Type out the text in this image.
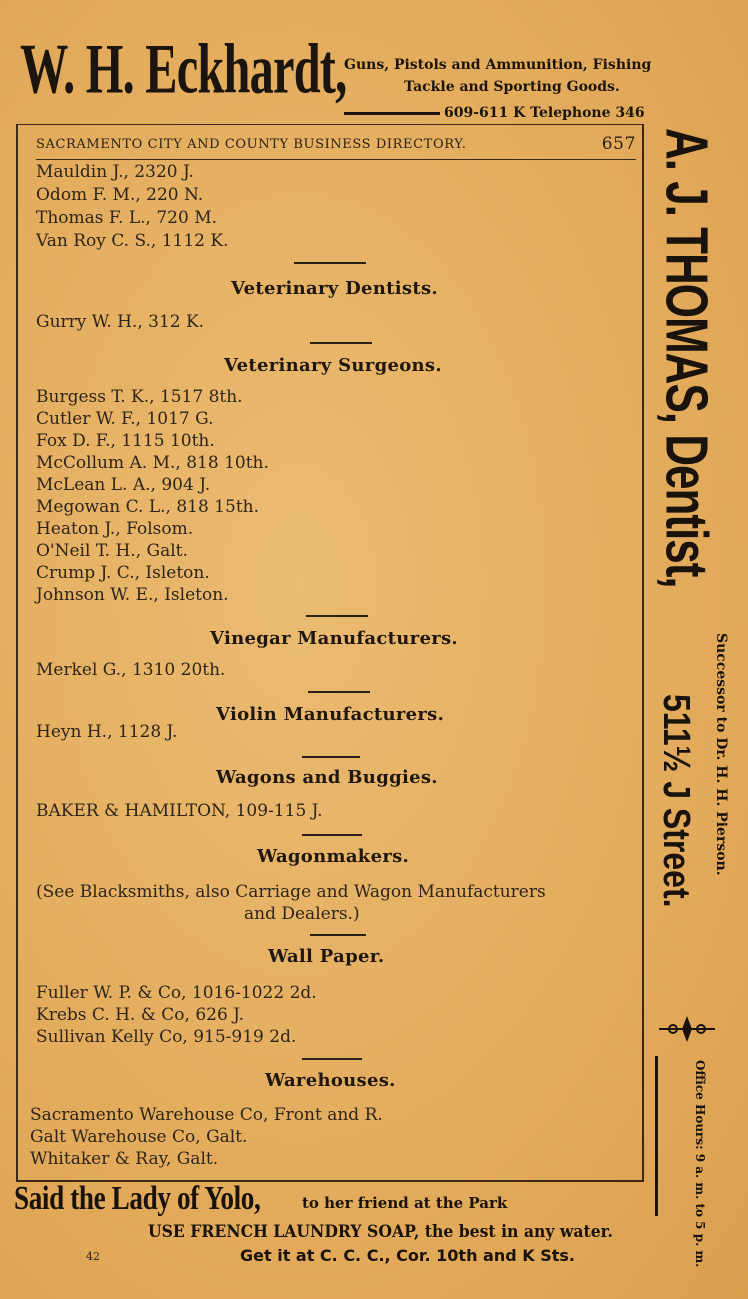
W. H. Eckhardt,
Guns, Pistols and Ammunition, Fishing
Tackle and Sporting Goods.
609-611 K Telephone 346
SACRAMENTO CITY AND COUNTY BUSINESS DIRECTORY.	657
Mauldin J., 2320 J.
Odom F. M., 220 N.
Thomas F. L., 720 M.
Van Roy C. S., 1112 K.
Veterinary Dentists.
Gurry W. H., 312 K.
Veterinary Surgeons.
Burgess T. K., 1517 8th.
Cutler W. F., 1017 G.
Fox D. F., 1115 10th.
McCollum A. M., 818 10th.
McLean L. A., 904 J.
Megowan C. L., 818 15th.
Heaton J., Folsom.
O'Neil T. H., Galt.
Crump J. C., Isleton.
Johnson W. E., Isleton.
Vinegar Manufacturers.
Merkel G., 1310 20th.
Violin Manufacturers.
Heyn H., 1128 J.
Wagons and Buggies.
BAKER & HAMILTON, 109-115 J.
Wagonmakers.
(See Blacksmiths, also Carriage and Wagon Manufacturers
and Dealers.)
Wall Paper.
Fuller W. P. & Co, 1016-1022 2d.
Krebs C. H. & Co, 626 J.
Sullivan Kelly Co, 915-919 2d.
Warehouses.
Sacramento Warehouse Co, Front and R.
Galt Warehouse Co, Galt.
Whitaker & Ray, Galt.
A. J. THOMAS, Dentist,
Successor to Dr. H. H. Pierson.
511½ J Street.
Office Hours: 9 a. m. to 5 p. m.
Said the Lady of Yolo,	to her friend at the Park
USE FRENCH LAUNDRY SOAP, the best in any water.
42	Get it at C. C. C., Cor. 10th and K Sts.
